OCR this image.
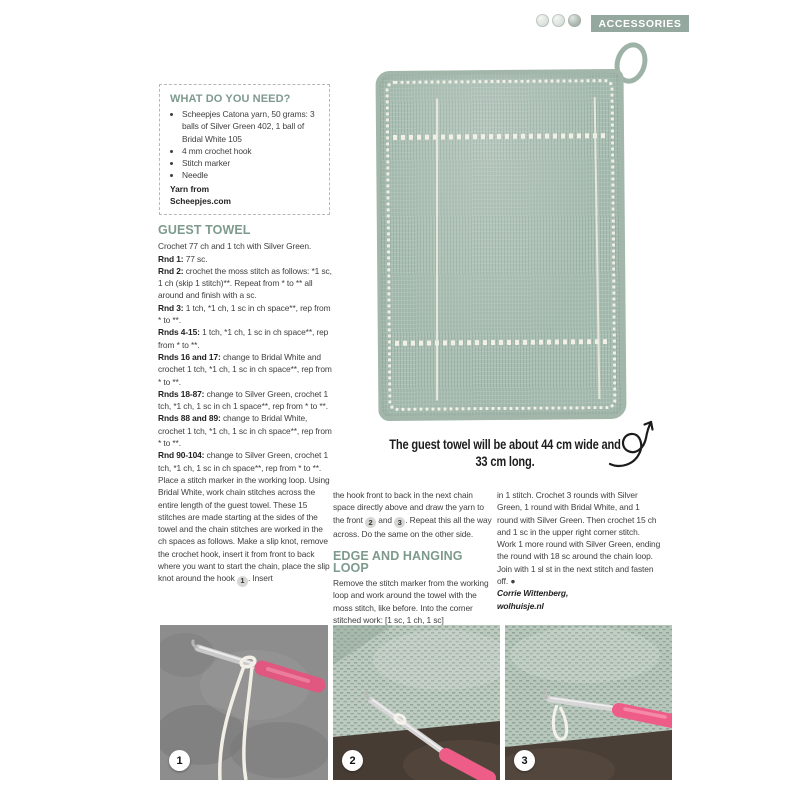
ACCESSORIES
WHAT DO YOU NEED?
• Scheepjes Catona yarn, 50 grams: 3 balls of Silver Green 402, 1 ball of Bridal White 105
• 4 mm crochet hook
• Stitch marker
• Needle
Yarn from
Scheepjes.com
GUEST TOWEL

Crochet 77 ch and 1 tch with Silver Green.

Rnd 1: 77 sc.

Rnd 2: crochet the moss stitch as follows: *1 sc, 1 ch (skip 1 stitch)**. Repeat from * to ** all around and finish with a sc.

Rnd 3: 1 tch, *1 ch, 1 sc in ch space**, rep from * to **.

Rnds 4-15: 1 tch, *1 ch, 1 sc in ch space**, rep from * to **.

Rnds 16 and 17: change to Bridal White and crochet 1 tch, *1 ch, 1 sc in ch space**, rep from * to **.

Rnds 18-87: change to Silver Green, crochet 1 tch, *1 ch, 1 sc in ch 1 space**, rep from * to **.

Rnds 88 and 89: change to Bridal White, crochet 1 tch, *1 ch, 1 sc in ch space**, rep from * to **.

Rnd 90-104: change to Silver Green, crochet 1 tch, *1 ch, 1 sc in ch space**, rep from * to **.

Place a stitch marker in the working loop. Using Bridal White, work chain stitches across the entire length of the guest towel. These 15 stitches are made starting at the sides of the towel and the chain stitches are worked in the ch spaces as follows. Make a slip knot, remove the crochet hook, insert it from front to back where you want to start the chain, place the slip knot around the hook 1 . Insert

The guest towel will be about 44 cm wide and 33 cm long.

the hook front to back in the next chain space directly above and draw the yarn to the front 2 and 3 . Repeat this all the way across. Do the same on the other side.

EDGE AND HANGING LOOP

Remove the stitch marker from the working loop and work around the towel with the moss stitch, like before. Into the corner stitched work: [1 sc, 1 ch, 1 sc]

in 1 stitch. Crochet 3 rounds with Silver Green, 1 round with Bridal White, and 1 round with Silver Green. Then crochet 15 ch and 1 sc in the upper right corner stitch. Work 1 more round with Silver Green, ending the round with 18 sc around the chain loop. Join with 1 sl st in the next stitch and fasten off. ●

Corrie Wittenberg,
wolhuisje.nl

1	2	3
